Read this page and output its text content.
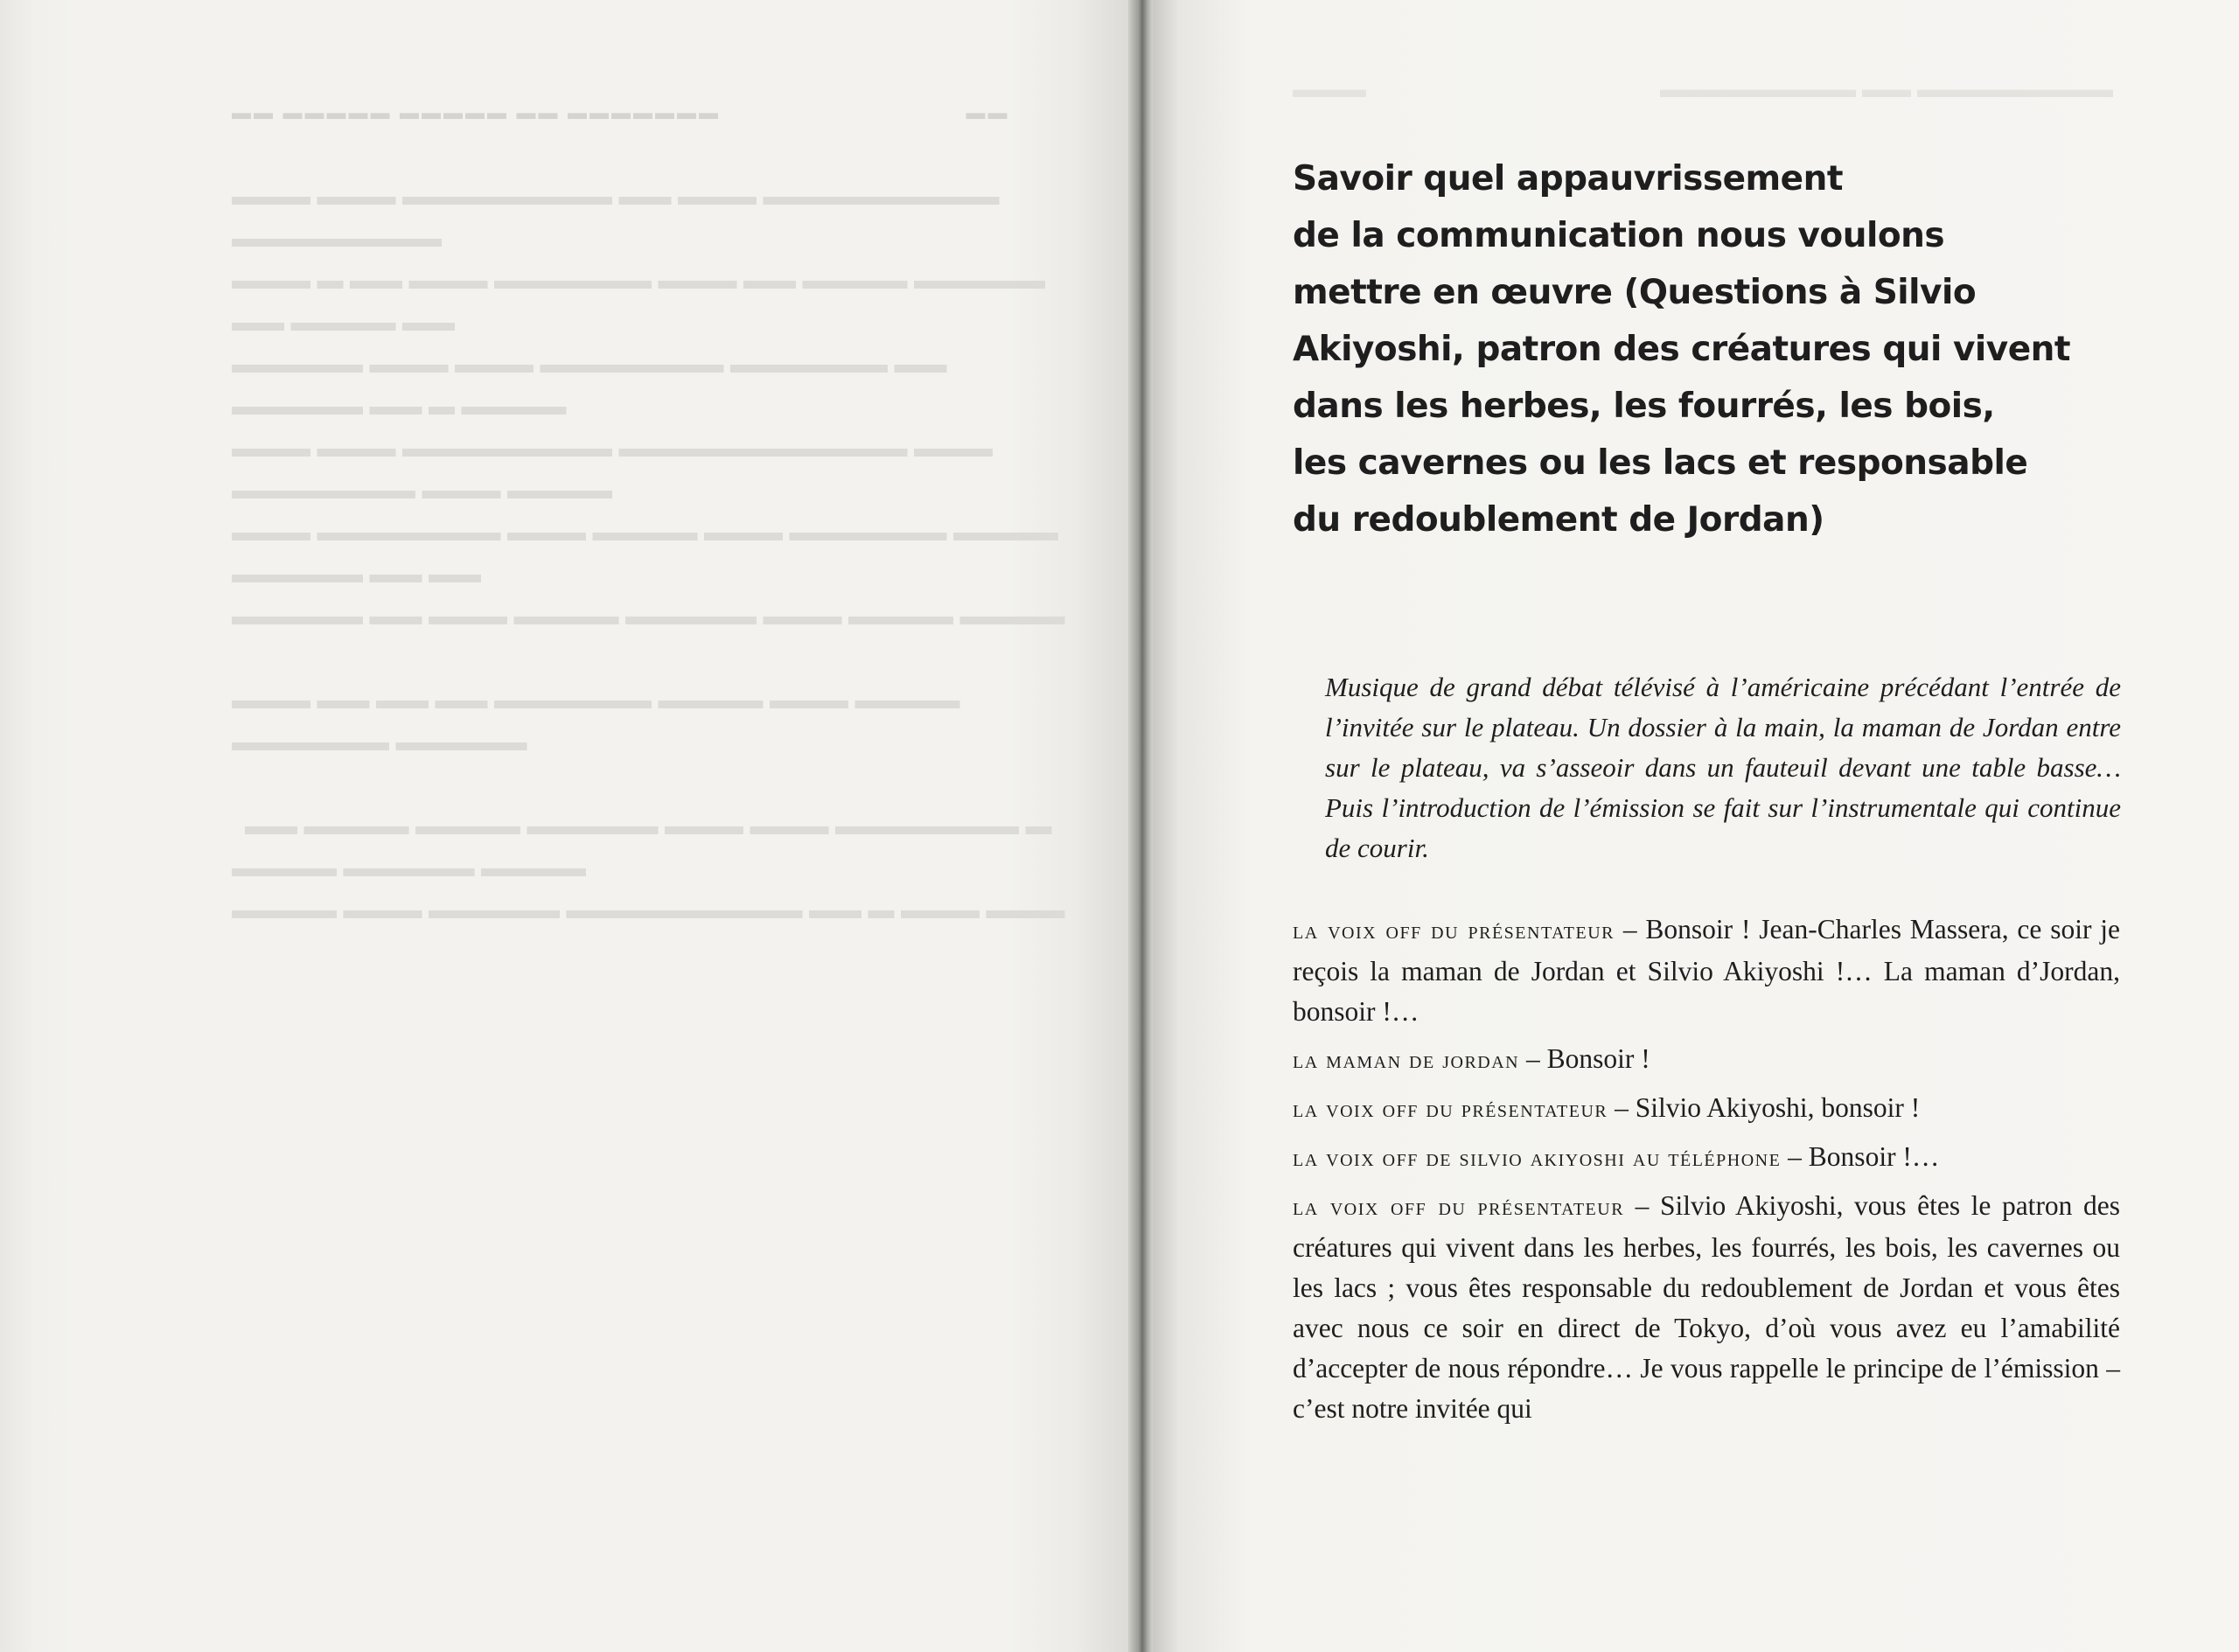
▬▬ ▬▬▬▬▬ ▬▬▬▬▬ ▬▬ ▬▬▬▬▬▬▬                                 ▬▬

▬▬▬ ▬▬▬ ▬▬▬▬▬▬▬▬ ▬▬ ▬▬▬ ▬▬▬▬▬▬▬▬▬ ▬▬▬▬▬▬▬▬

▬▬▬ ▬ ▬▬ ▬▬▬ ▬▬▬▬▬▬ ▬▬▬ ▬▬ ▬▬▬▬ ▬▬▬▬▬ ▬▬ ▬▬▬▬ ▬▬

▬▬▬▬▬ ▬▬▬ ▬▬▬ ▬▬▬▬▬▬▬ ▬▬▬▬▬▬ ▬▬ ▬▬▬▬▬ ▬▬ ▬ ▬▬▬▬

▬▬▬ ▬▬▬ ▬▬▬▬▬▬▬▬ ▬▬▬▬▬▬▬▬▬▬▬ ▬▬▬ ▬▬▬▬▬▬▬ ▬▬▬ ▬▬▬▬

▬▬▬ ▬▬▬▬▬▬▬ ▬▬▬ ▬▬▬▬ ▬▬▬ ▬▬▬▬▬▬ ▬▬▬▬ ▬▬▬▬▬ ▬▬ ▬▬

▬▬▬▬▬ ▬▬ ▬▬▬ ▬▬▬▬ ▬▬▬▬▬ ▬▬▬ ▬▬▬▬ ▬▬▬▬

▬▬▬ ▬▬ ▬▬ ▬▬ ▬▬▬▬▬▬ ▬▬▬▬ ▬▬▬ ▬▬▬▬ ▬▬▬▬▬▬ ▬▬▬▬▬

▬▬ ▬▬▬▬ ▬▬▬▬ ▬▬▬▬▬ ▬▬▬ ▬▬▬ ▬▬▬▬▬▬▬ ▬ ▬▬▬▬ ▬▬▬▬▬ ▬▬▬▬

▬▬▬▬ ▬▬▬ ▬▬▬▬▬ ▬▬▬▬▬▬▬▬▬ ▬▬ ▬ ▬▬▬ ▬▬▬

▬▬▬                                                ▬▬▬▬▬▬▬▬ ▬▬ ▬▬▬▬▬▬▬▬

Savoir quel appauvrissement
de la communication nous voulons
mettre en œuvre (Questions à Silvio
Akiyoshi, patron des créatures qui vivent
dans les herbes, les fourrés, les bois,
les cavernes ou les lacs et responsable
du redoublement de Jordan)
Musique de grand débat télévisé à l’américaine précédant l’entrée de l’invitée sur le plateau. Un dossier à la main, la maman de Jordan entre sur le plateau, va s’asseoir dans un fauteuil devant une table basse… Puis l’introduction de l’émission se fait sur l’instrumentale qui continue de courir.
la voix off du présentateur – Bonsoir ! Jean-Charles Massera, ce soir je reçois la maman de Jordan et Silvio Akiyoshi !… La maman d’Jordan, bonsoir !…
la maman de jordan – Bonsoir !
la voix off du présentateur – Silvio Akiyoshi, bonsoir !
la voix off de silvio akiyoshi au téléphone – Bonsoir !…
la voix off du présentateur – Silvio Akiyoshi, vous êtes le patron des créatures qui vivent dans les herbes, les fourrés, les bois, les cavernes ou les lacs ; vous êtes responsable du redoublement de Jordan et vous êtes avec nous ce soir en direct de Tokyo, d’où vous avez eu l’amabilité d’accepter de nous répondre… Je vous rappelle le principe de l’émission – c’est notre invitée qui
